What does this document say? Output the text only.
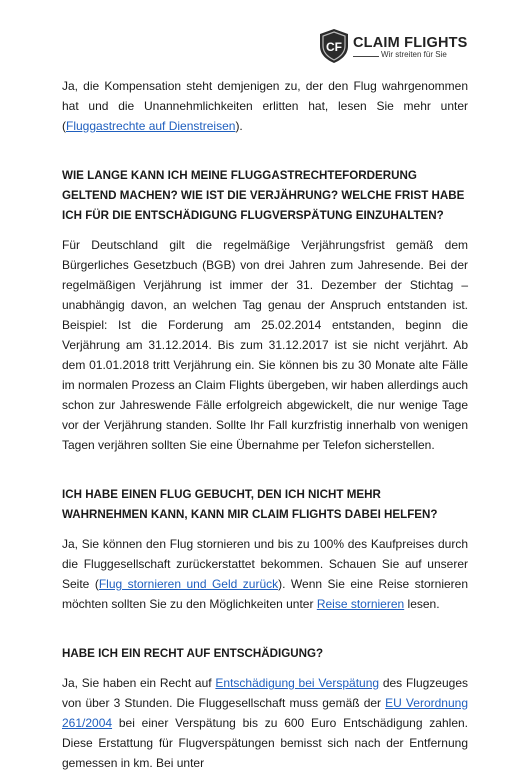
CF CLAIM FLIGHTS
Wir streiten für Sie

Ja, die Kompensation steht demjenigen zu, der den Flug wahrgenommen hat und die Unannehmlichkeiten erlitten hat, lesen Sie mehr unter (Fluggastrechte auf Dienstreisen).

WIE LANGE KANN ICH MEINE FLUGGASTRECHTEFORDERUNG GELTEND MACHEN? WIE IST DIE VERJÄHRUNG? WELCHE FRIST HABE ICH FÜR DIE ENTSCHÄDIGUNG FLUGVERSPÄTUNG EINZUHALTEN?

Für Deutschland gilt die regelmäßige Verjährungsfrist gemäß dem Bürgerliches Gesetzbuch (BGB) von drei Jahren zum Jahresende. Bei der regelmäßigen Verjährung ist immer der 31. Dezember der Stichtag – unabhängig davon, an welchen Tag genau der Anspruch entstanden ist. Beispiel: Ist die Forderung am 25.02.2014 entstanden, beginn die Verjährung am 31.12.2014. Bis zum 31.12.2017 ist sie nicht verjährt. Ab dem 01.01.2018 tritt Verjährung ein. Sie können bis zu 30 Monate alte Fälle im normalen Prozess an Claim Flights übergeben, wir haben allerdings auch schon zur Jahreswende Fälle erfolgreich abgewickelt, die nur wenige Tage vor der Verjährung standen. Sollte Ihr Fall kurzfristig innerhalb von wenigen Tagen verjähren sollten Sie eine Übernahme per Telefon sicherstellen.

ICH HABE EINEN FLUG GEBUCHT, DEN ICH NICHT MEHR WAHRNEHMEN KANN, KANN MIR CLAIM FLIGHTS DABEI HELFEN?

Ja, Sie können den Flug stornieren und bis zu 100% des Kaufpreises durch die Fluggesellschaft zurückerstattet bekommen. Schauen Sie auf unserer Seite (Flug stornieren und Geld zurück). Wenn Sie eine Reise stornieren möchten sollten Sie zu den Möglichkeiten unter Reise stornieren lesen.

HABE ICH EIN RECHT AUF ENTSCHÄDIGUNG?

Ja, Sie haben ein Recht auf Entschädigung bei Verspätung des Flugzeuges von über 3 Stunden. Die Fluggesellschaft muss gemäß der EU Verordnung 261/2004 bei einer Verspätung bis zu 600 Euro Entschädigung zahlen. Diese Erstattung für Flugverspätungen bemisst sich nach der Entfernung gemessen in km. Bei unter
